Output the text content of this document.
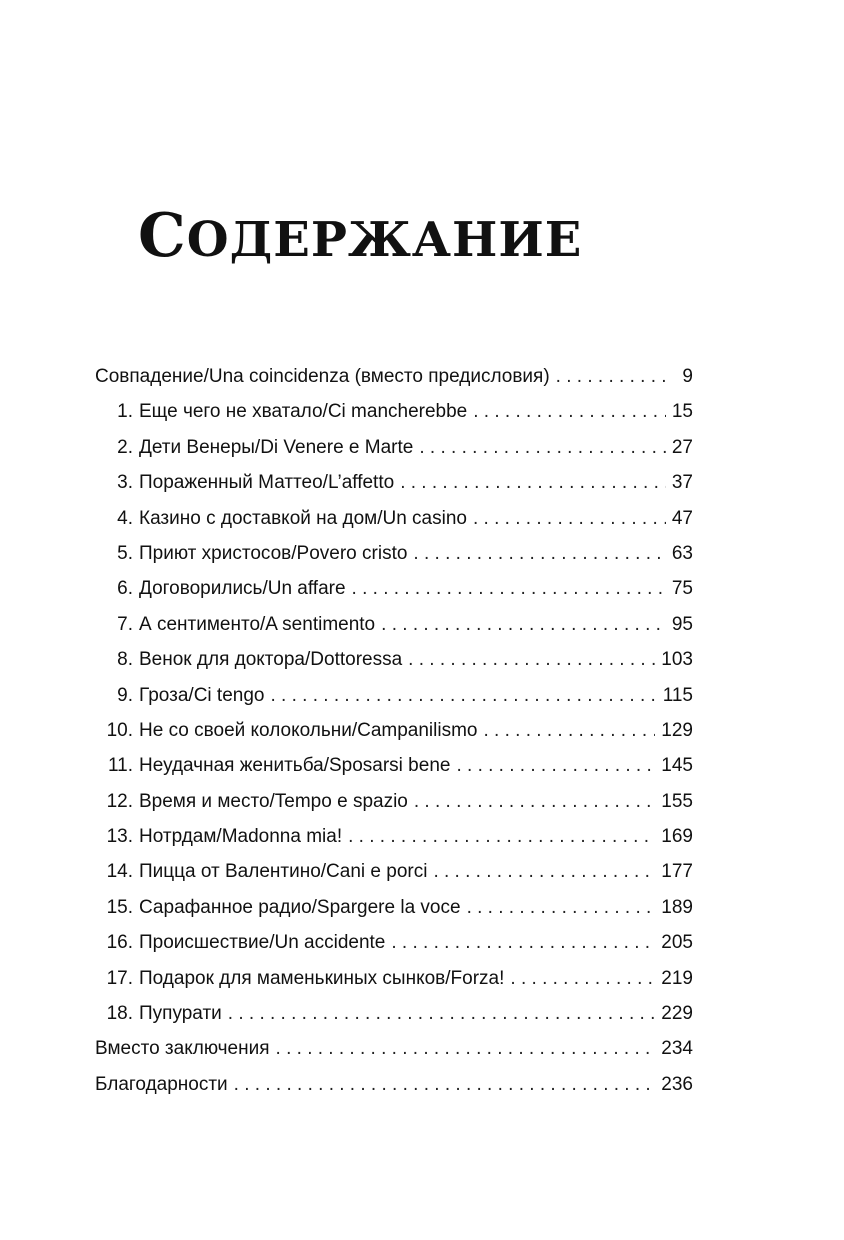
СОДЕРЖАНИЕ
Совпадение/Una coincidenza (вместо предисловия) . . .	9
1. Еще чего не хватало/Ci mancherebbe . . .	15
2. Дети Венеры/Di Venere e Marte . . .	27
3. Пораженный Маттео/L’affetto . . .	37
4. Казино с доставкой на дом/Un casino . . .	47
5. Приют христосов/Povero cristo . . .	63
6. Договорились/Un affare . . .	75
7. А сентименто/A sentimento . . .	95
8. Венок для доктора/Dottoressa . . .	103
9. Гроза/Ci tengo . . .	115
10. Не со своей колокольни/Campanilismo . . .	129
11. Неудачная женитьба/Sposarsi bene . . .	145
12. Время и место/Tempo e spazio . . .	155
13. Нотрдам/Madonna mia! . . .	169
14. Пицца от Валентино/Cani e porci . . .	177
15. Сарафанное радио/Spargere la voce . . .	189
16. Происшествие/Un accidente . . .	205
17. Подарок для маменькиных сынков/Forza! . . .	219
18. Пупурати . . .	229
Вместо заключения . . .	234
Благодарности . . .	236
